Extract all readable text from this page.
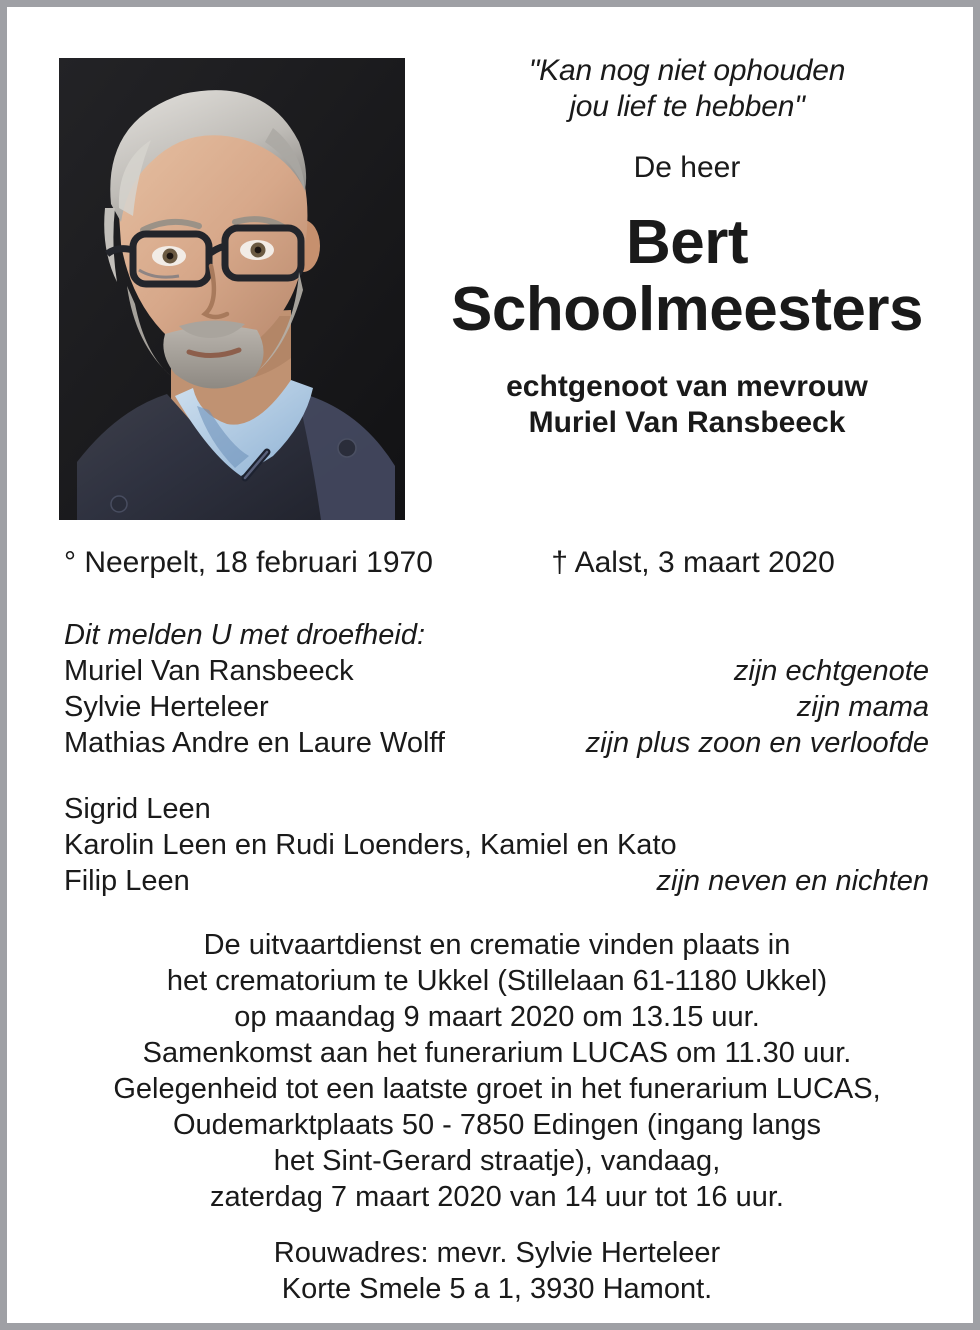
"Kan nog niet ophouden
jou lief te hebben"
De heer
Bert
Schoolmeesters
echtgenoot van mevrouw
Muriel Van Ransbeeck
° Neerpelt, 18 februari 1970	† Aalst, 3 maart 2020
Dit melden U met droefheid:
Muriel Van Ransbeeck	zijn echtgenote
Sylvie Herteleer	zijn mama
Mathias Andre en Laure Wolff	zijn plus zoon en verloofde
Sigrid Leen
Karolin Leen en Rudi Loenders, Kamiel en Kato
Filip Leen	zijn neven en nichten
De uitvaartdienst en crematie vinden plaats in
het crematorium te Ukkel (Stillelaan 61-1180 Ukkel)
op maandag 9 maart 2020 om 13.15 uur.
Samenkomst aan het funerarium LUCAS om 11.30 uur.
Gelegenheid tot een laatste groet in het funerarium LUCAS,
Oudemarktplaats 50 - 7850 Edingen (ingang langs
het Sint-Gerard straatje), vandaag,
zaterdag 7 maart 2020 van 14 uur tot 16 uur.
Rouwadres: mevr. Sylvie Herteleer
Korte Smele 5 a 1, 3930 Hamont.
